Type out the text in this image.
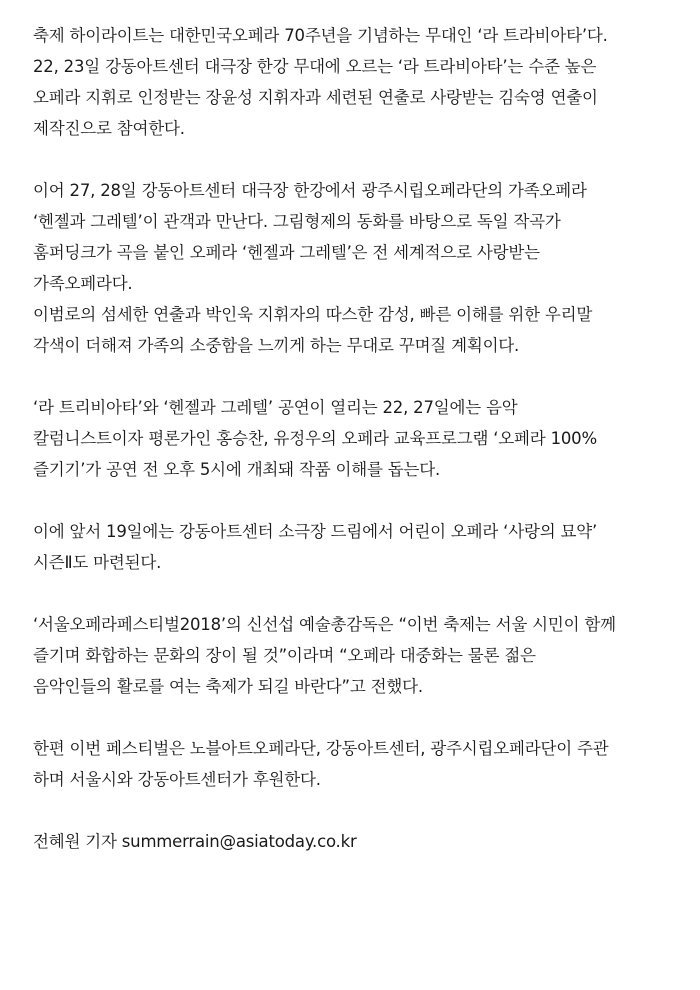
축제 하이라이트는 대한민국오페라 70주년을 기념하는 무대인 ‘라 트라비아타’다.
22, 23일 강동아트센터 대극장 한강 무대에 오르는 ‘라 트라비아타’는 수준 높은
오페라 지휘로 인정받는 장윤성 지휘자과 세련된 연출로 사랑받는 김숙영 연출이
제작진으로 참여한다.

이어 27, 28일 강동아트센터 대극장 한강에서 광주시립오페라단의 가족오페라
‘헨젤과 그레텔’이 관객과 만난다. 그림형제의 동화를 바탕으로 독일 작곡가
훔퍼딩크가 곡을 붙인 오페라 ‘헨젤과 그레텔’은 전 세계적으로 사랑받는
가족오페라다.
이범로의 섬세한 연출과 박인욱 지휘자의 따스한 감성, 빠른 이해를 위한 우리말
각색이 더해져 가족의 소중함을 느끼게 하는 무대로 꾸며질 계획이다.

‘라 트리비아타’와 ‘헨젤과 그레텔’ 공연이 열리는 22, 27일에는 음악
칼럼니스트이자 평론가인 홍승찬, 유정우의 오페라 교육프로그램 ‘오페라 100%
즐기기’가 공연 전 오후 5시에 개최돼 작품 이해를 돕는다.

이에 앞서 19일에는 강동아트센터 소극장 드림에서 어린이 오페라 ‘사랑의 묘약’
시즌Ⅱ도 마련된다.

‘서울오페라페스티벌2018’의 신선섭 예술총감독은 “이번 축제는 서울 시민이 함께
즐기며 화합하는 문화의 장이 될 것”이라며 “오페라 대중화는 물론 젊은
음악인들의 활로를 여는 축제가 되길 바란다”고 전했다.

한편 이번 페스티벌은 노블아트오페라단, 강동아트센터, 광주시립오페라단이 주관
하며 서울시와 강동아트센터가 후원한다.

전혜원 기자 summerrain@asiatoday.co.kr
